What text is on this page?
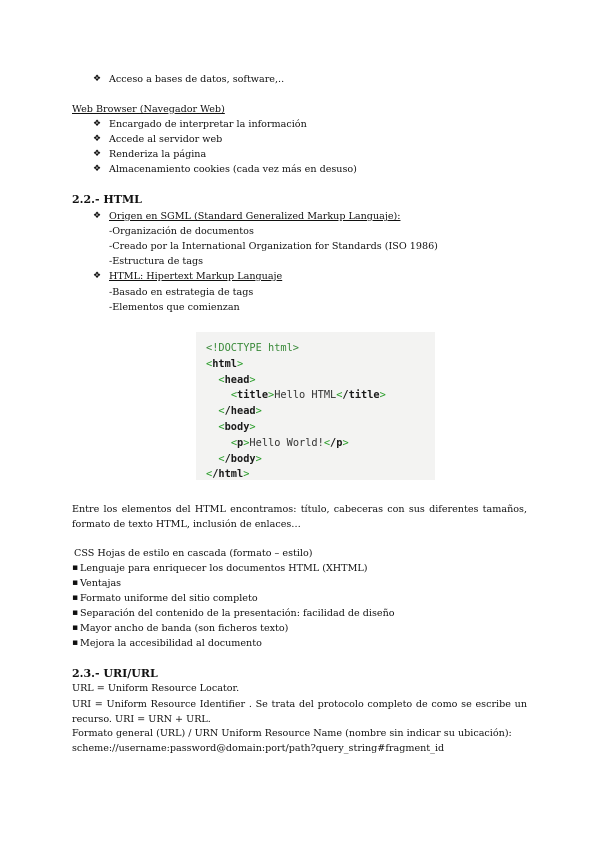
❖ Acceso a bases de datos, software,..
Web Browser (Navegador Web)
❖ Encargado de interpretar la información
❖ Accede al servidor web
❖ Renderiza la página
❖ Almacenamiento cookies (cada vez más en desuso)
2.2.- HTML
❖ Origen en SGML (Standard Generalized Markup Languaje):
-Organización de documentos
-Creado por la International Organization for Standards (ISO 1986)
-Estructura de tags
❖ HTML: Hipertext Markup Languaje
-Basado en estrategia de tags
-Elementos que comienzan
<!DOCTYPE html>
<html>
<head>
<title>Hello HTML</title>
</head>
<body>
<p>Hello World!</p>
</body>
</html>
Entre los elementos del HTML encontramos: título, cabeceras con sus diferentes tamaños, formato de texto HTML, inclusión de enlaces…
CSS Hojas de estilo en cascada (formato – estilo)
▪ Lenguaje para enriquecer los documentos HTML (XHTML)
▪ Ventajas
▪ Formato uniforme del sitio completo
▪ Separación del contenido de la presentación: facilidad de diseño
▪ Mayor ancho de banda (son ficheros texto)
▪ Mejora la accesibilidad al documento
2.3.- URI/URL
URL = Uniform Resource Locator.
URI = Uniform Resource Identifier . Se trata del protocolo completo de como se escribe un recurso. URI = URN + URL.
Formato general (URL) / URN Uniform Resource Name (nombre sin indicar su ubicación):
scheme://username:password@domain:port/path?query_string#fragment_id
